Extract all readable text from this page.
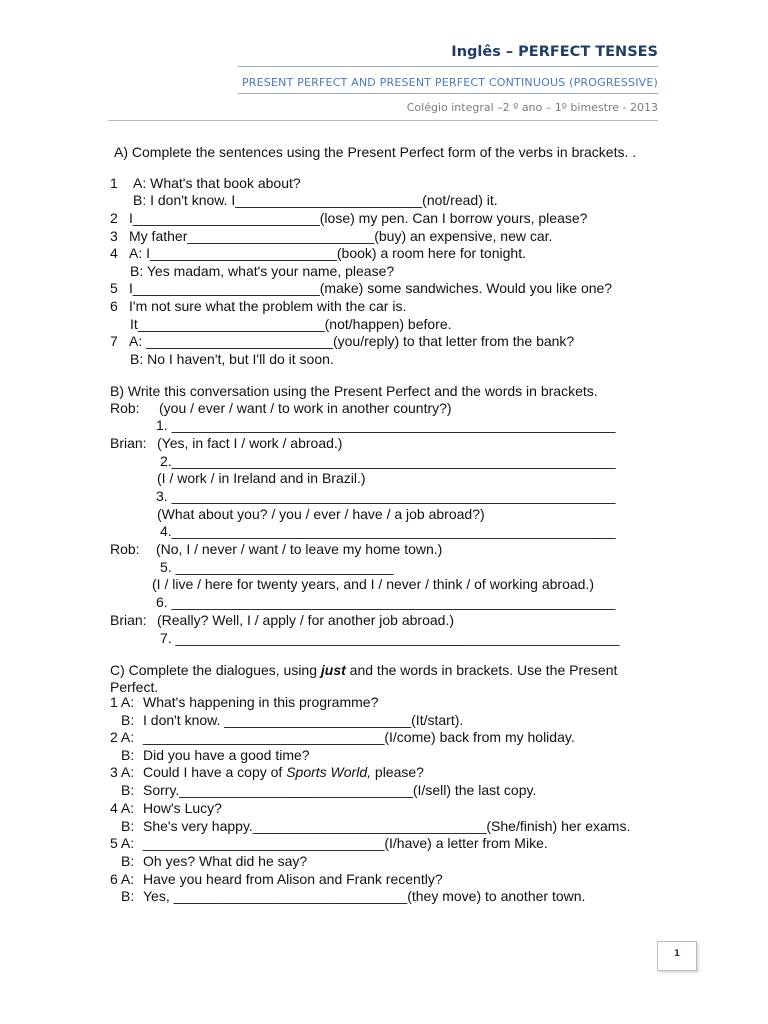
Inglês – PERFECT TENSES
PRESENT PERFECT AND PRESENT PERFECT CONTINUOUS (PROGRESSIVE)
Colégio integral –2 º ano – 1º bimestre - 2013
A) Complete the sentences using the Present Perfect form of the verbs in brackets. .
1 A: What's that book about?
B: I don't know. I________________________(not/read) it.
2 I________________________(lose) my pen. Can I borrow yours, please?
3 My father________________________(buy) an expensive, new car.
4 A: I________________________(book) a room here for tonight.
B: Yes madam, what's your name, please?
5 I________________________(make) some sandwiches. Would you like one?
6 I'm not sure what the problem with the car is.
It________________________(not/happen) before.
7 A: ________________________(you/reply) to that letter from the bank?
B: No I haven't, but I'll do it soon.
B) Write this conversation using the Present Perfect and the words in brackets.
Rob: (you / ever / want / to work in another country?)
1. _________________________________________________________
Brian: (Yes, in fact I / work / abroad.)
2._________________________________________________________
(I / work / in Ireland and in Brazil.)
3. _________________________________________________________
(What about you? / you / ever / have / a job abroad?)
4._________________________________________________________
Rob: (No, I / never / want / to leave my home town.)
5. ____________________________
(I / live / here for twenty years, and I / never / think / of working abroad.)
6. _________________________________________________________
Brian: (Really? Well, I / apply / for another job abroad.)
7. _________________________________________________________
C) Complete the dialogues, using just and the words in brackets. Use the Present
Perfect.
1 A: What's happening in this programme?
B: I don't know. ________________________(It/start).
2 A: _______________________________(I/come) back from my holiday.
B: Did you have a good time?
3 A: Could I have a copy of Sports World, please?
B: Sorry.______________________________(I/sell) the last copy.
4 A: How's Lucy?
B: She's very happy.______________________________(She/finish) her exams.
5 A: _______________________________(I/have) a letter from Mike.
B: Oh yes? What did he say?
6 A: Have you heard from Alison and Frank recently?
B: Yes, ______________________________(they move) to another town.
1
